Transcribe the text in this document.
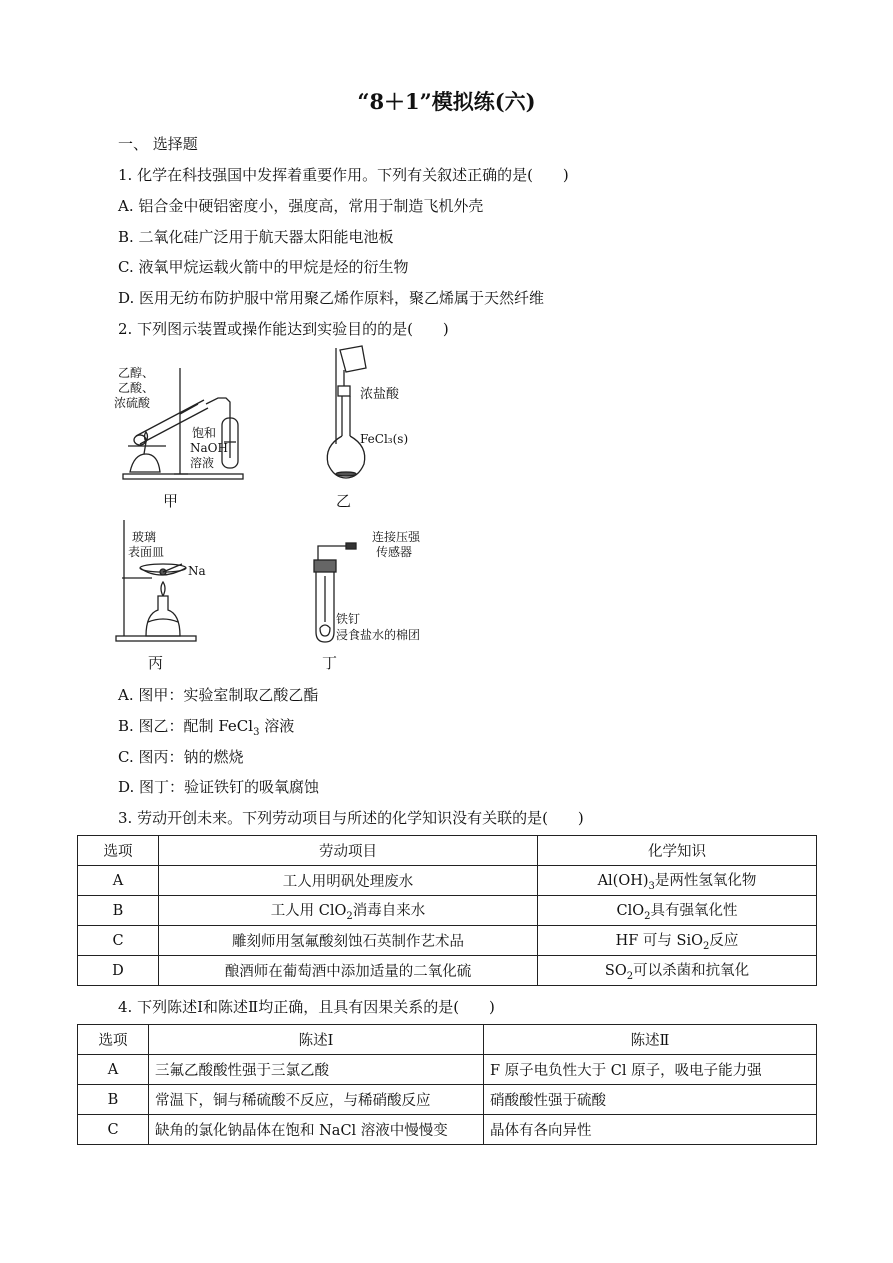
“8＋1”模拟练(六)
一、 选择题
1. 化学在科技强国中发挥着重要作用。下列有关叙述正确的是(　　)
A. 铝合金中硬铝密度小，强度高，常用于制造飞机外壳
B. 二氧化硅广泛用于航天器太阳能电池板
C. 液氧甲烷运载火箭中的甲烷是烃的衍生物
D. 医用无纺布防护服中常用聚乙烯作原料，聚乙烯属于天然纤维
2. 下列图示装置或操作能达到实验目的的是(　　)
乙醇、
乙酸、
浓硫酸
饱和
NaOH
溶液
甲
浓盐酸
FeCl₃(s)
乙
玻璃
表面皿
Na
丙
连接压强
传感器
铁钉
浸食盐水的棉团
丁
A. 图甲：实验室制取乙酸乙酯
B. 图乙：配制 FeCl$_3$ 溶液
C. 图丙：钠的燃烧
D. 图丁：验证铁钉的吸氧腐蚀
3. 劳动开创未来。下列劳动项目与所述的化学知识没有关联的是(　　)
选项	劳动项目	化学知识
A	工人用明矾处理废水	$Al(OH)_3$是两性氢氧化物
B	工人用 ClO$_2$消毒自来水	ClO$_2$具有强氧化性
C	雕刻师用氢氟酸刻蚀石英制作艺术品	HF 可与 SiO$_2$反应
D	酿酒师在葡萄酒中添加适量的二氧化硫	$SO_2$可以杀菌和抗氧化
4. 下列陈述Ⅰ和陈述Ⅱ均正确，且具有因果关系的是(　　)
选项	陈述Ⅰ	陈述Ⅱ
A	三氟乙酸酸性强于三氯乙酸	F 原子电负性大于 Cl 原子，吸电子能力强
B	常温下，铜与稀硫酸不反应，与稀硝酸反应	硝酸酸性强于硫酸
C	缺角的氯化钠晶体在饱和 NaCl 溶液中慢慢变	晶体有各向异性
